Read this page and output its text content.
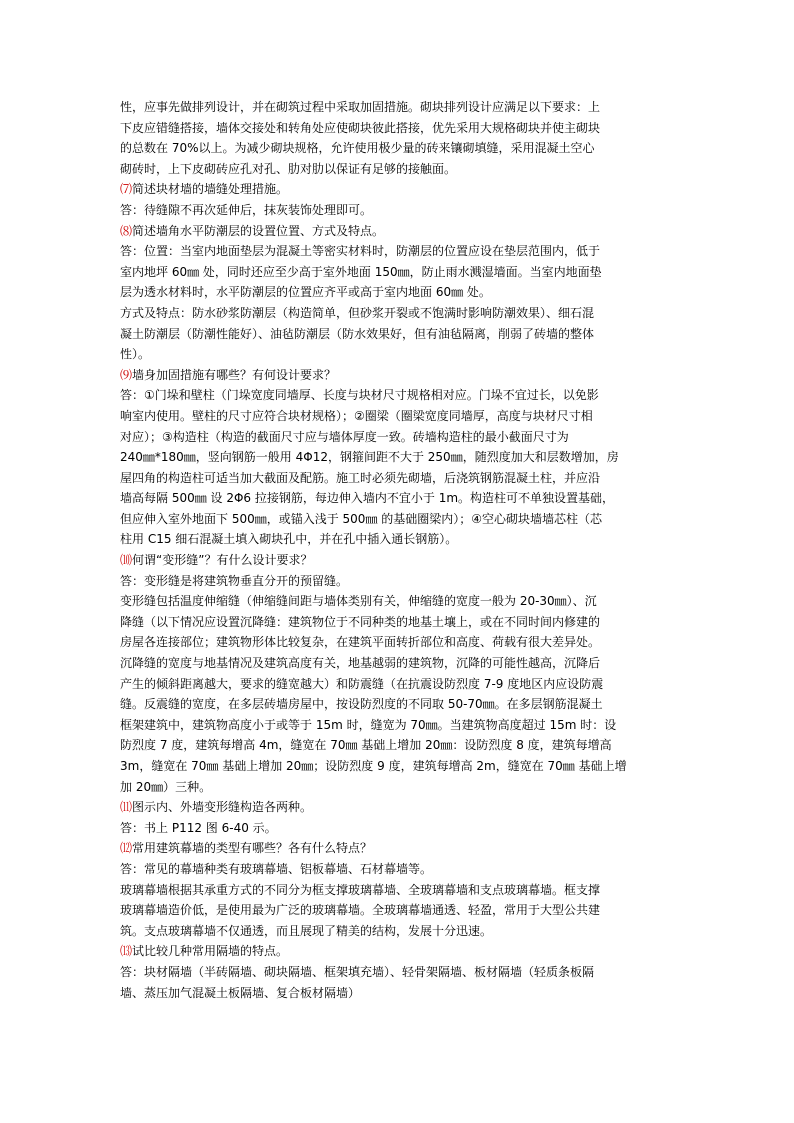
性，应事先做排列设计，并在砌筑过程中采取加固措施。砌块排列设计应满足以下要求：上
下皮应错缝搭接，墙体交接处和转角处应使砌块彼此搭接，优先采用大规格砌块并使主砌块
的总数在 70%以上。为减少砌块规格，允许使用极少量的砖来镶砌填缝，采用混凝土空心
砌砖时，上下皮砌砖应孔对孔、肋对肋以保证有足够的接触面。
⑺简述块材墙的墙缝处理措施。
答：待缝隙不再次延伸后，抹灰装饰处理即可。
⑻简述墙角水平防潮层的设置位置、方式及特点。
答：位置：当室内地面垫层为混凝土等密实材料时，防潮层的位置应设在垫层范围内，低于
室内地坪 60㎜ 处，同时还应至少高于室外地面 150㎜，防止雨水溅湿墙面。当室内地面垫
层为透水材料时，水平防潮层的位置应齐平或高于室内地面 60㎜ 处。
方式及特点：防水砂浆防潮层（构造简单，但砂浆开裂或不饱满时影响防潮效果）、细石混
凝土防潮层（防潮性能好）、油毡防潮层（防水效果好，但有油毡隔离，削弱了砖墙的整体
性）。
⑼墙身加固措施有哪些？有何设计要求？
答：①门垛和壁柱（门垛宽度同墙厚、长度与块材尺寸规格相对应。门垛不宜过长，以免影
响室内使用。壁柱的尺寸应符合块材规格）；②圈梁（圈梁宽度同墙厚，高度与块材尺寸相
对应）；③构造柱（构造的截面尺寸应与墙体厚度一致。砖墙构造柱的最小截面尺寸为
240㎜*180㎜，竖向钢筋一般用 4Φ12，钢箍间距不大于 250㎜，随烈度加大和层数增加，房
屋四角的构造柱可适当加大截面及配筋。施工时必须先砌墙，后浇筑钢筋混凝土柱，并应沿
墙高每隔 500㎜ 设 2Φ6 拉接钢筋，每边伸入墙内不宜小于 1m。构造柱可不单独设置基础，
但应伸入室外地面下 500㎜，或锚入浅于 500㎜ 的基础圈梁内）；④空心砌块墙墙芯柱（芯
柱用 C15 细石混凝土填入砌块孔中，并在孔中插入通长钢筋）。
⑽何谓“变形缝”？有什么设计要求？
答：变形缝是将建筑物垂直分开的预留缝。
变形缝包括温度伸缩缝（伸缩缝间距与墙体类别有关，伸缩缝的宽度一般为 20-30㎜）、沉
降缝（以下情况应设置沉降缝：建筑物位于不同种类的地基土壤上，或在不同时间内修建的
房屋各连接部位；建筑物形体比较复杂，在建筑平面转折部位和高度、荷载有很大差异处。
沉降缝的宽度与地基情况及建筑高度有关，地基越弱的建筑物，沉降的可能性越高，沉降后
产生的倾斜距离越大，要求的缝宽越大）和防震缝（在抗震设防烈度 7-9 度地区内应设防震
缝。反震缝的宽度，在多层砖墙房屋中，按设防烈度的不同取 50-70㎜。在多层钢筋混凝土
框架建筑中，建筑物高度小于或等于 15m 时，缝宽为 70㎜。当建筑物高度超过 15m 时：设
防烈度 7 度，建筑每增高 4m，缝宽在 70㎜ 基础上增加 20㎜：设防烈度 8 度，建筑每增高
3m，缝宽在 70㎜ 基础上增加 20㎜；设防烈度 9 度，建筑每增高 2m，缝宽在 70㎜ 基础上增
加 20㎜）三种。
⑾图示内、外墙变形缝构造各两种。
答：书上 P112 图 6-40 示。
⑿常用建筑幕墙的类型有哪些？各有什么特点？
答：常见的幕墙种类有玻璃幕墙、铝板幕墙、石材幕墙等。
玻璃幕墙根据其承重方式的不同分为框支撑玻璃幕墙、全玻璃幕墙和支点玻璃幕墙。框支撑
玻璃幕墙造价低，是使用最为广泛的玻璃幕墙。全玻璃幕墙通透、轻盈，常用于大型公共建
筑。支点玻璃幕墙不仅通透，而且展现了精美的结构，发展十分迅速。
⒀试比较几种常用隔墙的特点。
答：块材隔墙（半砖隔墙、砌块隔墙、框架填充墙）、轻骨架隔墙、板材隔墙（轻质条板隔
墙、蒸压加气混凝土板隔墙、复合板材隔墙）
